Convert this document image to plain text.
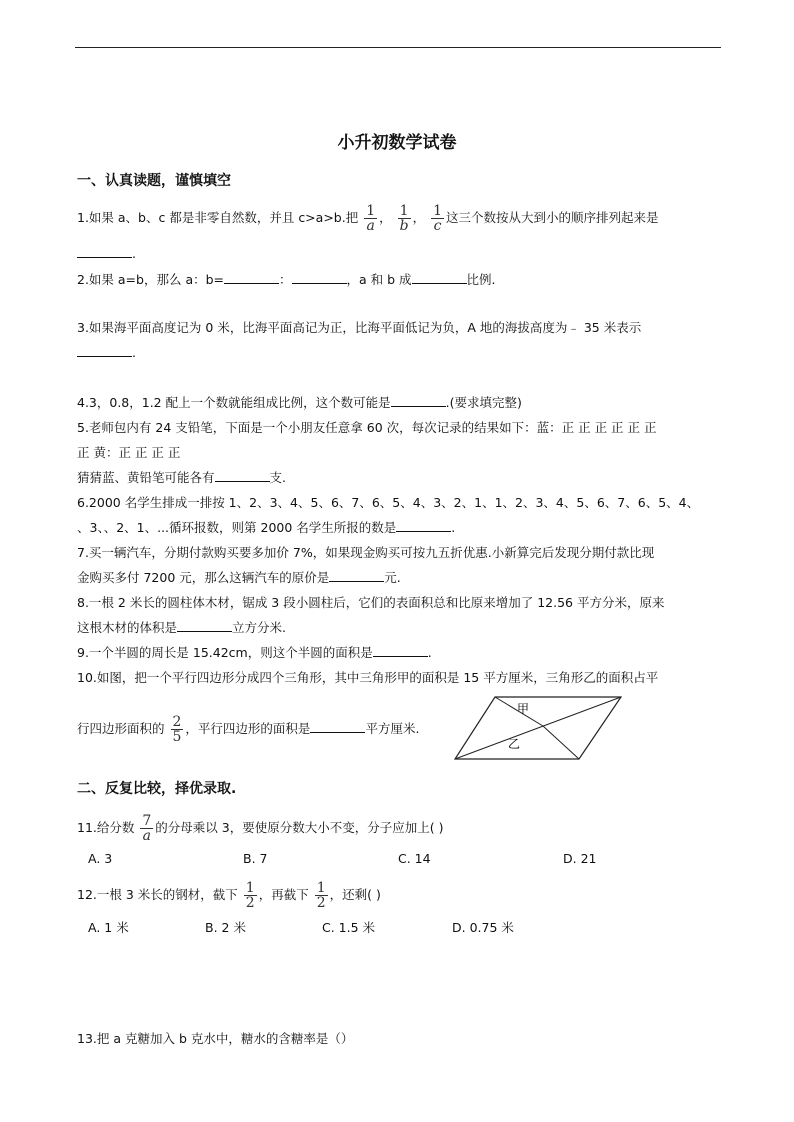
小升初数学试卷
一、认真读题，谨慎填空
1.如果 a、b、c 都是非零自然数，并且 c>a>b.把 $\frac{1}{a}$ ， $\frac{1}{b}$ ， $\frac{1}{c}$ 这三个数按从大到小的顺序排列起来是
.
2.如果 a=b，那么 a：b=	：	，a 和 b 成	比例.
3.如果海平面高度记为 0 米，比海平面高记为正，比海平面低记为负，A 地的海拔高度为﹣ 35 米表示
.
4.3，0.8，1.2 配上一个数就能组成比例，这个数可能是	.(要求填完整)
5.老师包内有 24 支铅笔，下面是一个小朋友任意拿 60 次，每次记录的结果如下：蓝：正 正 正 正 正 正
正 黄：正 正 正 正
猜猜蓝、黄铅笔可能各有	支.
6.2000 名学生排成一排按 1、2、3、4、5、6、7、6、5、4、3、2、1、1、2、3、4、5、6、7、6、5、4、
、3、、2、1、...循环报数，则第 2000 名学生所报的数是	.
7.买一辆汽车，分期付款购买要多加价 7%，如果现金购买可按九五折优惠.小新算完后发现分期付款比现
金购买多付 7200 元，那么这辆汽车的原价是	元.
8.一根 2 米长的圆柱体木材，锯成 3 段小圆柱后，它们的表面积总和比原来增加了 12.56 平方分米，原来
这根木材的体积是	立方分米.
9.一个半圆的周长是 15.42cm，则这个半圆的面积是	.
10.如图，把一个平行四边形分成四个三角形，其中三角形甲的面积是 15 平方厘米，三角形乙的面积占平
行四边形面积的 $\frac{2}{5}$ ，平行四边形的面积是	平方厘米.
甲
乙
二、反复比较，择优录取.
11.给分数 $\frac{7}{a}$ 的分母乘以 3，要使原分数大小不变，分子应加上( )
A. 3	B. 7	C. 14	D. 21
12.一根 3 米长的钢材，截下 $\frac{1}{2}$ ，再截下 $\frac{1}{2}$ ，还剩( )
A. 1 米	B. 2 米	C. 1.5 米	D. 0.75 米
13.把 a 克糖加入 b 克水中，糖水的含糖率是（）
